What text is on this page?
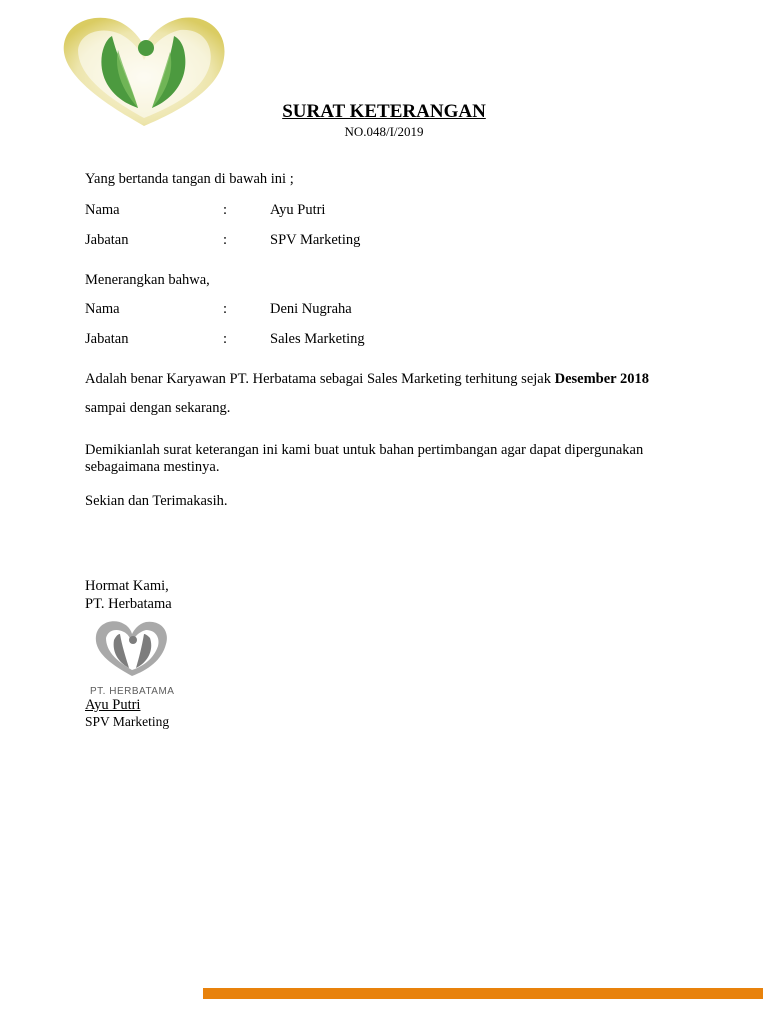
SURAT KETERANGAN
NO.048/I/2019
Yang bertanda tangan di bawah ini ;
Nama	:	Ayu Putri
Jabatan	:	SPV Marketing
Menerangkan bahwa,
Nama	:	Deni Nugraha
Jabatan	:	Sales Marketing
Adalah benar Karyawan PT. Herbatama sebagai Sales Marketing terhitung sejak Desember 2018
sampai dengan sekarang.
Demikianlah surat keterangan ini kami buat untuk bahan pertimbangan agar dapat dipergunakan sebagaimana mestinya.
Sekian dan Terimakasih.
Hormat Kami,
PT. Herbatama
PT. HERBATAMA
Ayu Putri
SPV Marketing
